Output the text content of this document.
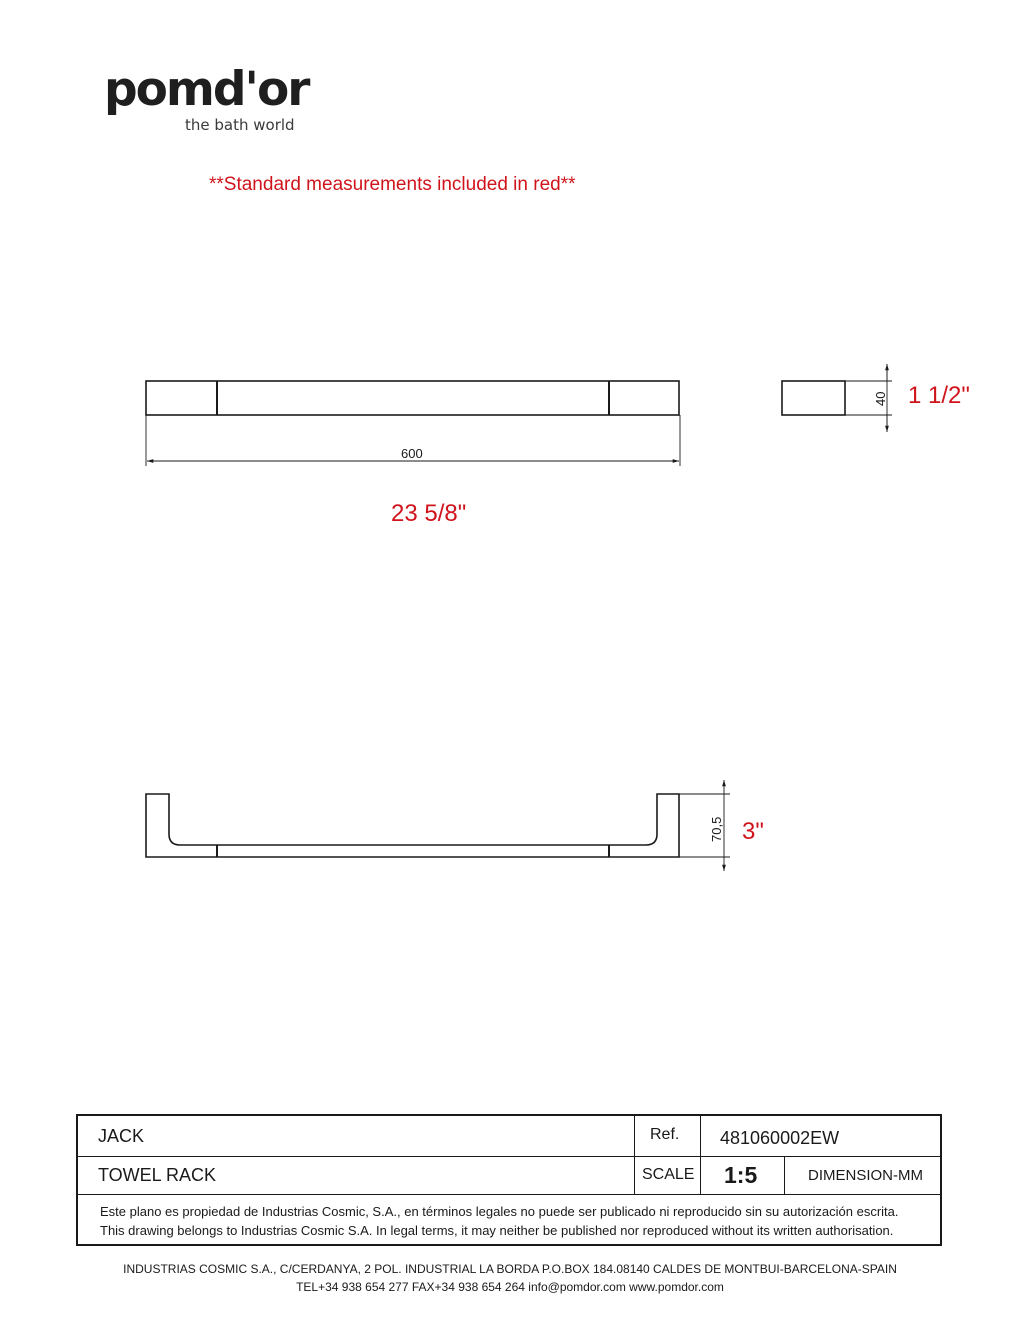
pomd'or
the bath world
**Standard measurements included in red**
600
23 5/8"
40 1 1/2"
70,5 3"
JACK	Ref. 481060002EW
TOWEL RACK	SCALE 1:5	DIMENSION-MM
Este plano es propiedad de Industrias Cosmic, S.A., en términos legales no puede ser publicado ni reproducido sin su autorización escrita.
This drawing belongs to Industrias Cosmic S.A. In legal terms, it may neither be published nor reproduced without its written authorisation.
INDUSTRIAS COSMIC S.A., C/CERDANYA, 2 POL. INDUSTRIAL LA BORDA P.O.BOX 184.08140 CALDES DE MONTBUI-BARCELONA-SPAIN
TEL+34 938 654 277 FAX+34 938 654 264 info@pomdor.com www.pomdor.com
